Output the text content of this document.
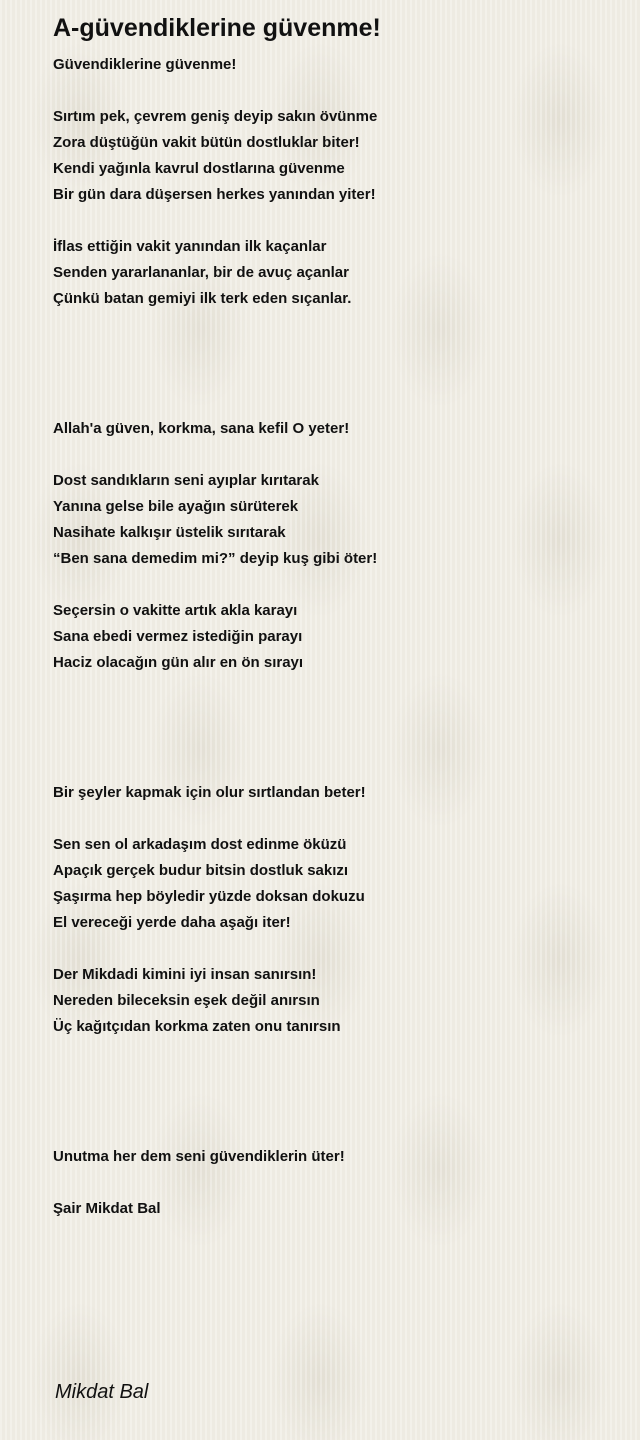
A-güvendiklerine güvenme!
Güvendiklerine güvenme!
Sırtım pek, çevrem geniş deyip sakın övünme
Zora düştüğün vakit bütün dostluklar biter!
Kendi yağınla kavrul dostlarına güvenme
Bir gün dara düşersen herkes yanından yiter!
İflas ettiğin vakit yanından ilk kaçanlar
Senden yararlananlar, bir de avuç açanlar
Çünkü batan gemiyi ilk terk eden sıçanlar.
Allah'a güven, korkma, sana kefil O yeter!
Dost sandıkların seni ayıplar kırıtarak
Yanına gelse bile ayağın sürüterek
Nasihate kalkışır üstelik sırıtarak
“Ben sana demedim mi?” deyip kuş gibi öter!
Seçersin o vakitte artık akla karayı
Sana ebedi vermez istediğin parayı
Haciz olacağın gün alır en ön sırayı
Bir şeyler kapmak için olur sırtlandan beter!
Sen sen ol arkadaşım dost edinme öküzü
Apaçık gerçek budur bitsin dostluk sakızı
Şaşırma hep böyledir yüzde doksan dokuzu
El vereceği yerde daha aşağı iter!
Der Mikdadi kimini iyi insan sanırsın!
Nereden bileceksin eşek değil anırsın
Üç kağıtçıdan korkma zaten onu tanırsın
Unutma her dem seni güvendiklerin üter!
Şair Mikdat Bal
Mikdat Bal
